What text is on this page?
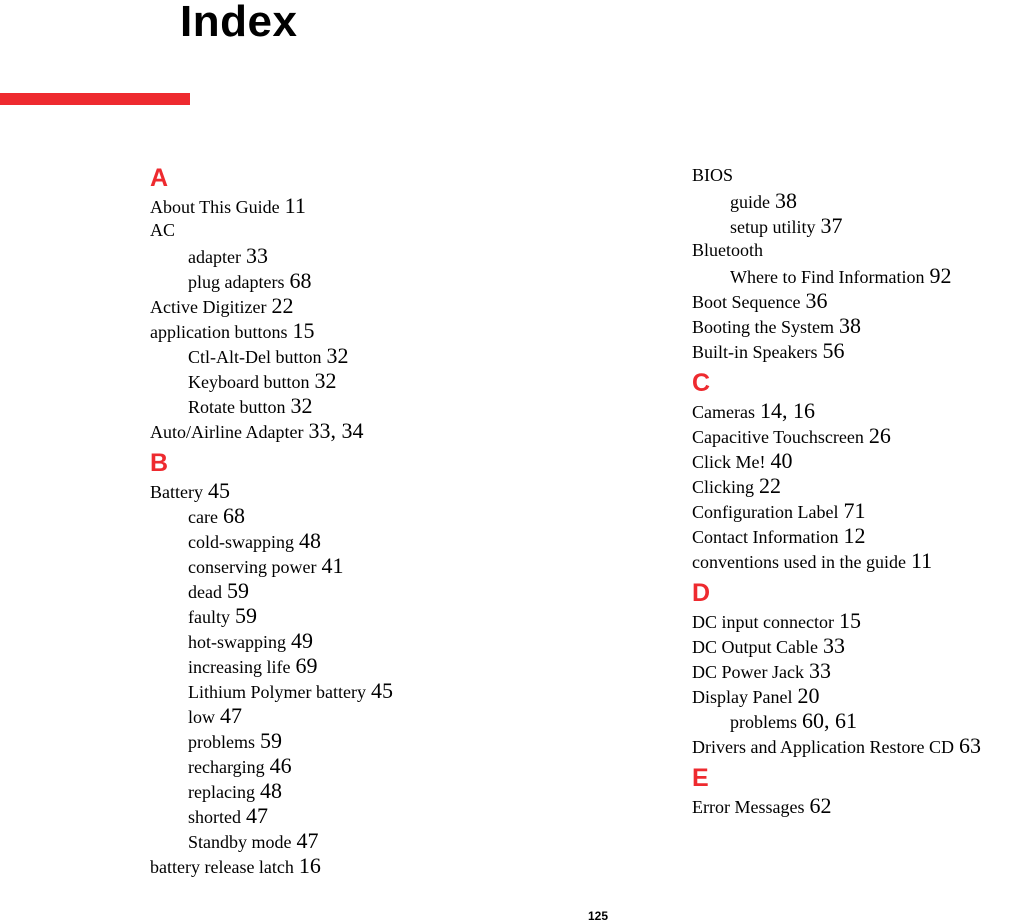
Index
A
About This Guide 11
AC
adapter 33
plug adapters 68
Active Digitizer 22
application buttons 15
Ctl-Alt-Del button 32
Keyboard button 32
Rotate button 32
Auto/Airline Adapter 33, 34
B
Battery 45
care 68
cold-swapping 48
conserving power 41
dead 59
faulty 59
hot-swapping 49
increasing life 69
Lithium Polymer battery 45
low 47
problems 59
recharging 46
replacing 48
shorted 47
Standby mode 47
battery release latch 16
BIOS
guide 38
setup utility 37
Bluetooth
Where to Find Information 92
Boot Sequence 36
Booting the System 38
Built-in Speakers 56
C
Cameras 14, 16
Capacitive Touchscreen 26
Click Me! 40
Clicking 22
Configuration Label 71
Contact Information 12
conventions used in the guide 11
D
DC input connector 15
DC Output Cable 33
DC Power Jack 33
Display Panel 20
problems 60, 61
Drivers and Application Restore CD 63
E
Error Messages 62
125
